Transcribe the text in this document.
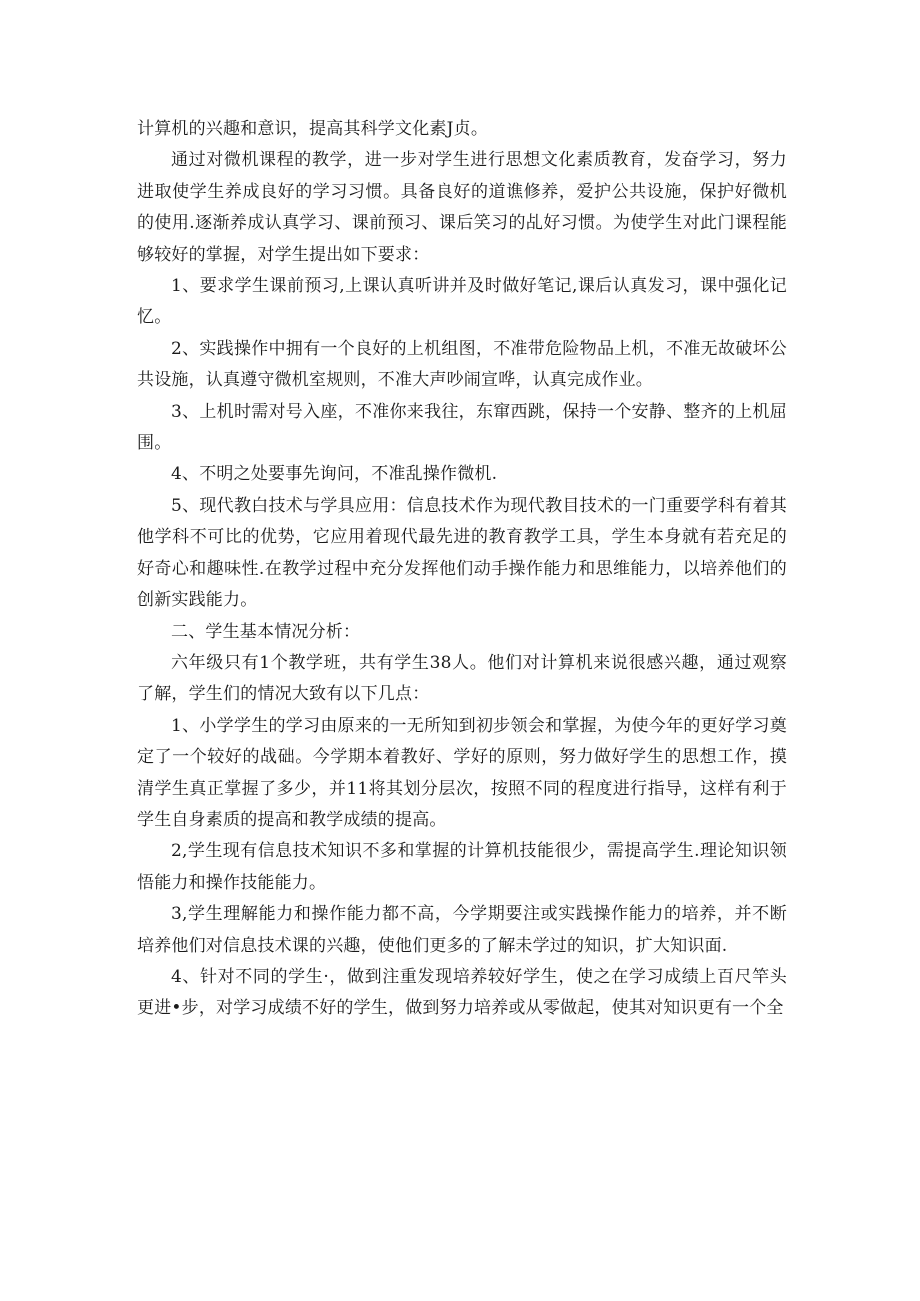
计算机的兴趣和意识，提高其科学文化素J贞。

通过对微机课程的教学，进一步对学生进行思想文化素质教育，发奋学习，努力进取使学生养成良好的学习习惯。具备良好的道谯修养，爱护公共设施，保护好微机的使用.逐渐养成认真学习、课前预习、课后笑习的乩好习惯。为使学生对此门课程能够较好的掌握，对学生提出如下要求：

1、要求学生课前预习,上课认真听讲并及时做好笔记,课后认真发习，课中强化记忆。

2、实践操作中拥有一个良好的上机组图，不准带危险物品上机，不准无故破坏公共设施，认真遵守微机室规则，不准大声吵闹宣哗，认真完成作业。

3、上机时需对号入座，不准你来我往，东窜西跳，保持一个安静、整齐的上机屈围。

4、不明之处要事先询问，不准乱操作微机.

5、现代教白技术与学具应用：信息技术作为现代教目技术的一门重要学科有着其他学科不可比的优势，它应用着现代最先进的教育教学工具，学生本身就有若充足的好奇心和趣味性.在教学过程中充分发挥他们动手操作能力和思维能力，以培养他们的创新实践能力。

二、学生基本情况分析：

六年级只有1个教学班，共有学生38人。他们对计算机来说很感兴趣，通过观察了解，学生们的情况大致有以下几点：

1、小学学生的学习由原来的一无所知到初步领会和掌握，为使今年的更好学习奠定了一个较好的战础。今学期本着教好、学好的原则，努力做好学生的思想工作，摸清学生真正掌握了多少，并11将其划分层次，按照不同的程度进行指导，这样有利于学生自身素质的提高和教学成绩的提高。

2,学生现有信息技术知识不多和掌握的计算机技能很少，需提高学生.理论知识领悟能力和操作技能能力。

3,学生理解能力和操作能力都不高，今学期要注或实践操作能力的培养，并不断培养他们对信息技术课的兴趣，使他们更多的了解未学过的知识，扩大知识面.

4、针对不同的学生·，做到注重发现培养较好学生，使之在学习成绩上百尺竿头更进•步，对学习成绩不好的学生，做到努力培养或从零做起，使其对知识更有一个全
